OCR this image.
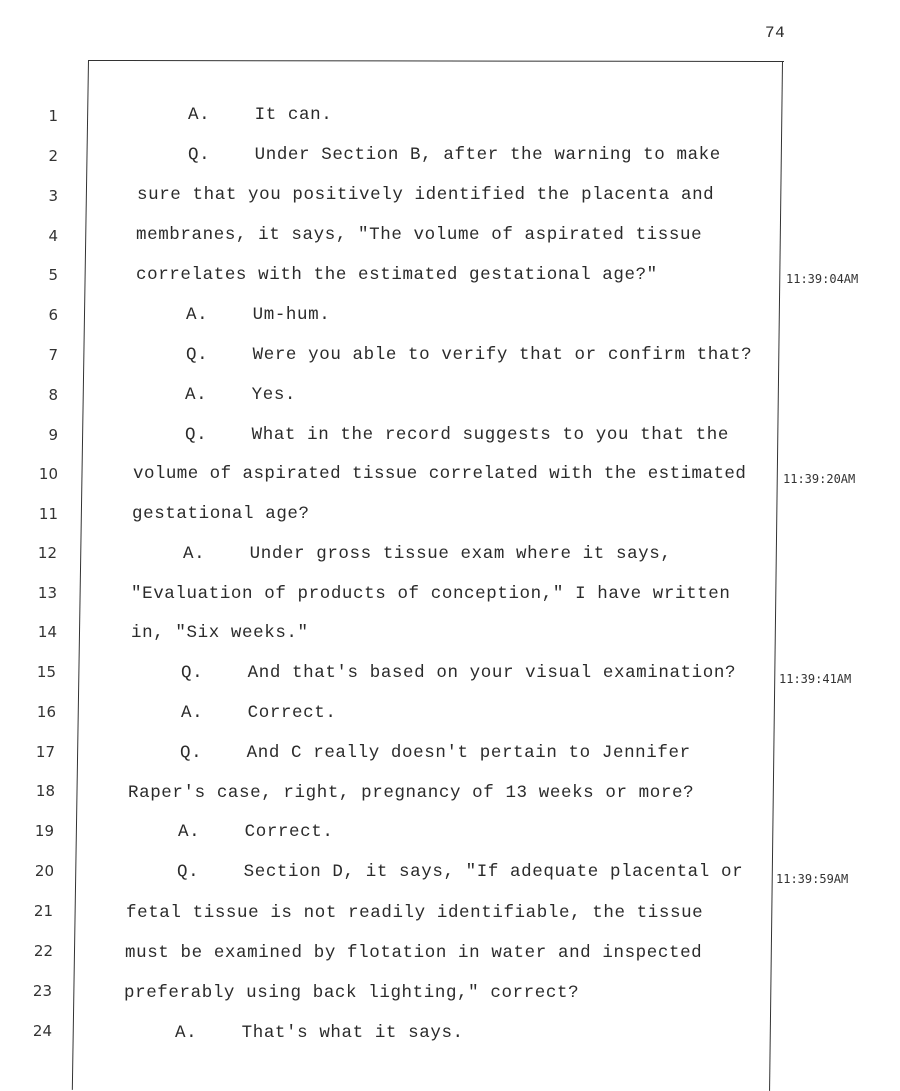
74
1
2
3
4
5
6
7
8
9
10
11
12
13
14
15
16
17
18
19
20
21
22
23
24
A.    It can.
Q.    Under Section B, after the warning to make
sure that you positively identified the placenta and
membranes, it says, "The volume of aspirated tissue
correlates with the estimated gestational age?"
A.    Um-hum.
Q.    Were you able to verify that or confirm that?
A.    Yes.
Q.    What in the record suggests to you that the
volume of aspirated tissue correlated with the estimated
gestational age?
A.    Under gross tissue exam where it says,
"Evaluation of products of conception," I have written
in, "Six weeks."
Q.    And that's based on your visual examination?
A.    Correct.
Q.    And C really doesn't pertain to Jennifer
Raper's case, right, pregnancy of 13 weeks or more?
A.    Correct.
Q.    Section D, it says, "If adequate placental or
fetal tissue is not readily identifiable, the tissue
must be examined by flotation in water and inspected
preferably using back lighting," correct?
A.    That's what it says.
11:39:04AM
11:39:20AM
11:39:41AM
11:39:59AM
